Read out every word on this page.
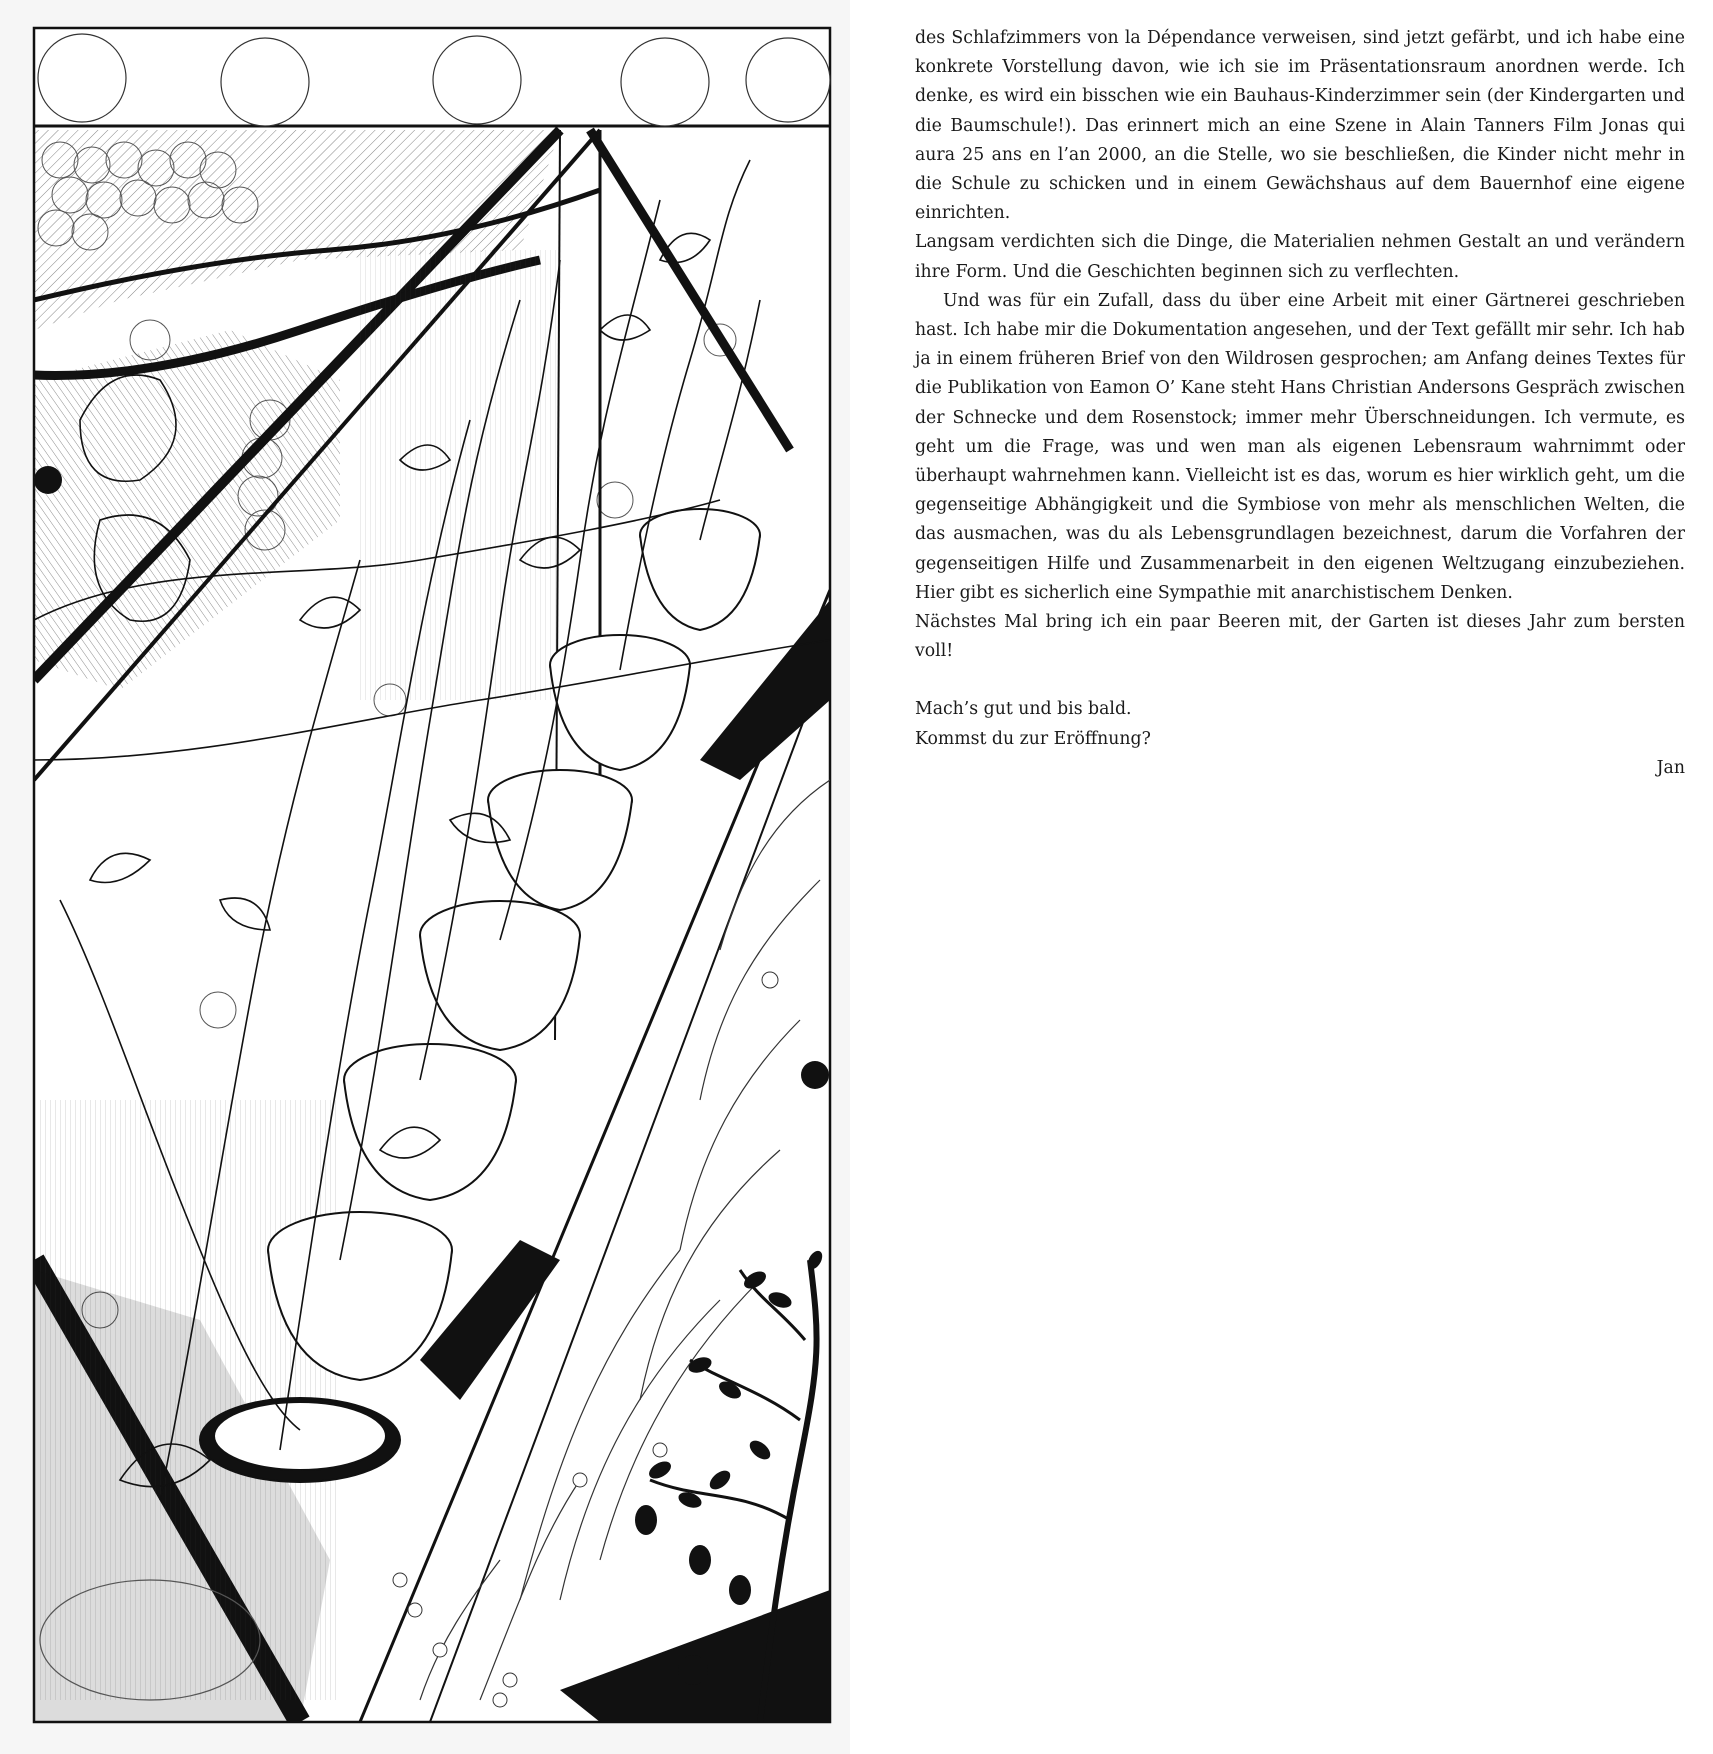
des Schlafzimmers von la Dépendance verweisen, sind jetzt gefärbt, und ich habe eine konkrete Vorstellung davon, wie ich sie im Präsentationsraum anordnen werde. Ich denke, es wird ein bisschen wie ein Bauhaus-Kinderzimmer sein (der Kindergarten und die Baumschule!). Das erinnert mich an eine Szene in Alain Tanners Film Jonas qui aura 25 ans en l’an 2000, an die Stelle, wo sie beschließen, die Kinder nicht mehr in die Schule zu schicken und in einem Gewächshaus auf dem Bauernhof eine eigene einrichten.

Langsam verdichten sich die Dinge, die Materialien nehmen Gestalt an und verändern ihre Form. Und die Geschichten beginnen sich zu verflechten.

Und was für ein Zufall, dass du über eine Arbeit mit einer Gärtnerei geschrieben hast. Ich habe mir die Dokumentation angesehen, und der Text gefällt mir sehr. Ich hab ja in einem früheren Brief von den Wildrosen gesprochen; am Anfang deines Textes für die Publikation von Eamon O’ Kane steht Hans Christian Andersons Gespräch zwischen der Schnecke und dem Rosenstock; immer mehr Überschneidungen. Ich vermute, es geht um die Frage, was und wen man als eigenen Lebensraum wahrnimmt oder überhaupt wahrnehmen kann. Vielleicht ist es das, worum es hier wirklich geht, um die gegenseitige Abhängigkeit und die Symbiose von mehr als menschlichen Welten, die das ausmachen, was du als Lebensgrundlagen bezeichnest, darum die Vorfahren der gegenseitigen Hilfe und Zusammenarbeit in den eigenen Weltzugang einzubeziehen. Hier gibt es sicherlich eine Sympathie mit anarchistischem Denken.

Nächstes Mal bring ich ein paar Beeren mit, der Garten ist dieses Jahr zum bersten voll!

Mach’s gut und bis bald.

Kommst du zur Eröffnung?

Jan
